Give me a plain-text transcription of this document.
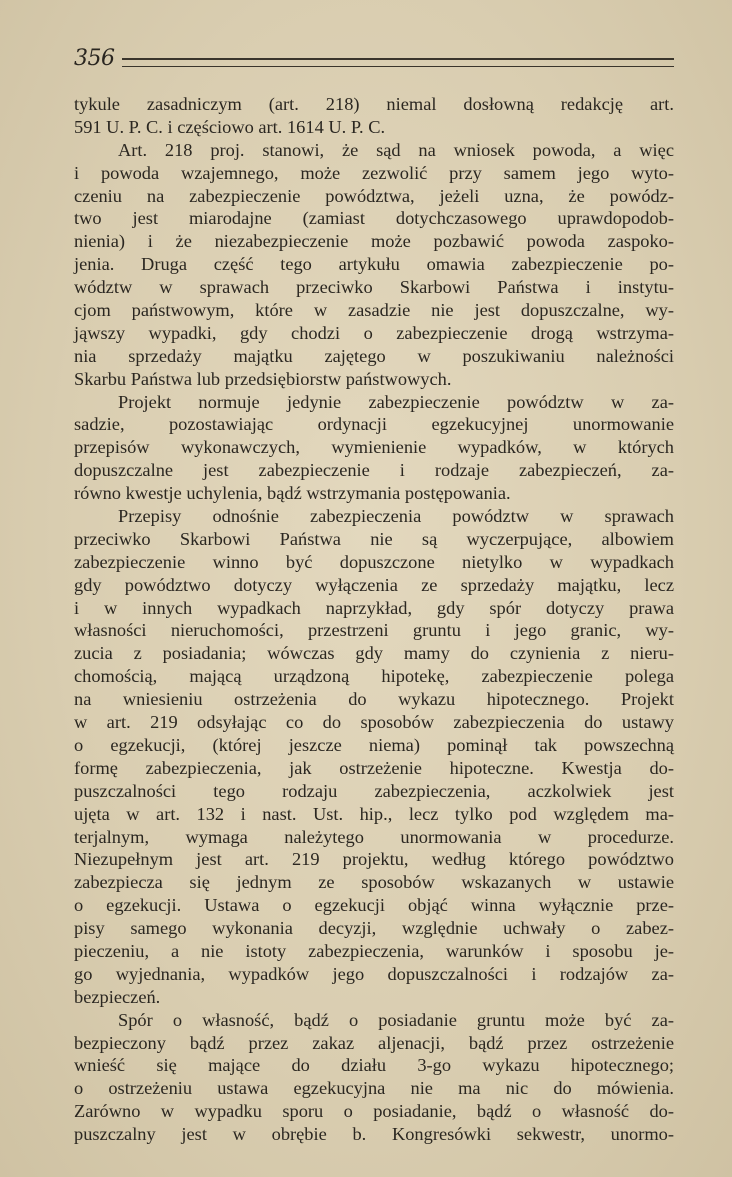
356
tykule zasadniczym (art. 218) niemal dosłowną redakcję art.
591 U. P. C. i częściowo art. 1614 U. P. C.
Art. 218 proj. stanowi, że sąd na wniosek powoda, a więc
i powoda wzajemnego, może zezwolić przy samem jego wyto-
czeniu na zabezpieczenie powództwa, jeżeli uzna, że powódz-
two jest miarodajne (zamiast dotychczasowego uprawdopodob-
nienia) i że niezabezpieczenie może pozbawić powoda zaspoko-
jenia. Druga część tego artykułu omawia zabezpieczenie po-
wództw w sprawach przeciwko Skarbowi Państwa i instytu-
cjom państwowym, które w zasadzie nie jest dopuszczalne, wy-
jąwszy wypadki, gdy chodzi o zabezpieczenie drogą wstrzyma-
nia sprzedaży majątku zajętego w poszukiwaniu należności
Skarbu Państwa lub przedsiębiorstw państwowych.
Projekt normuje jedynie zabezpieczenie powództw w za-
sadzie, pozostawiając ordynacji egzekucyjnej unormowanie
przepisów wykonawczych, wymienienie wypadków, w których
dopuszczalne jest zabezpieczenie i rodzaje zabezpieczeń, za-
równo kwestje uchylenia, bądź wstrzymania postępowania.
Przepisy odnośnie zabezpieczenia powództw w sprawach
przeciwko Skarbowi Państwa nie są wyczerpujące, albowiem
zabezpieczenie winno być dopuszczone nietylko w wypadkach
gdy powództwo dotyczy wyłączenia ze sprzedaży majątku, lecz
i w innych wypadkach naprzykład, gdy spór dotyczy prawa
własności nieruchomości, przestrzeni gruntu i jego granic, wy-
zucia z posiadania; wówczas gdy mamy do czynienia z nieru-
chomością, mającą urządzoną hipotekę, zabezpieczenie polega
na wniesieniu ostrzeżenia do wykazu hipotecznego. Projekt
w art. 219 odsyłając co do sposobów zabezpieczenia do ustawy
o egzekucji, (której jeszcze niema) pominął tak powszechną
formę zabezpieczenia, jak ostrzeżenie hipoteczne. Kwestja do-
puszczalności tego rodzaju zabezpieczenia, aczkolwiek jest
ujęta w art. 132 i nast. Ust. hip., lecz tylko pod względem ma-
terjalnym, wymaga należytego unormowania w procedurze.
Niezupełnym jest art. 219 projektu, według którego powództwo
zabezpiecza się jednym ze sposobów wskazanych w ustawie
o egzekucji. Ustawa o egzekucji objąć winna wyłącznie prze-
pisy samego wykonania decyzji, względnie uchwały o zabez-
pieczeniu, a nie istoty zabezpieczenia, warunków i sposobu je-
go wyjednania, wypadków jego dopuszczalności i rodzajów za-
bezpieczeń.
Spór o własność, bądź o posiadanie gruntu może być za-
bezpieczony bądź przez zakaz aljenacji, bądź przez ostrzeżenie
wnieść się mające do działu 3-go wykazu hipotecznego;
o ostrzeżeniu ustawa egzekucyjna nie ma nic do mówienia.
Zarówno w wypadku sporu o posiadanie, bądź o własność do-
puszczalny jest w obrębie b. Kongresówki sekwestr, unormo-
